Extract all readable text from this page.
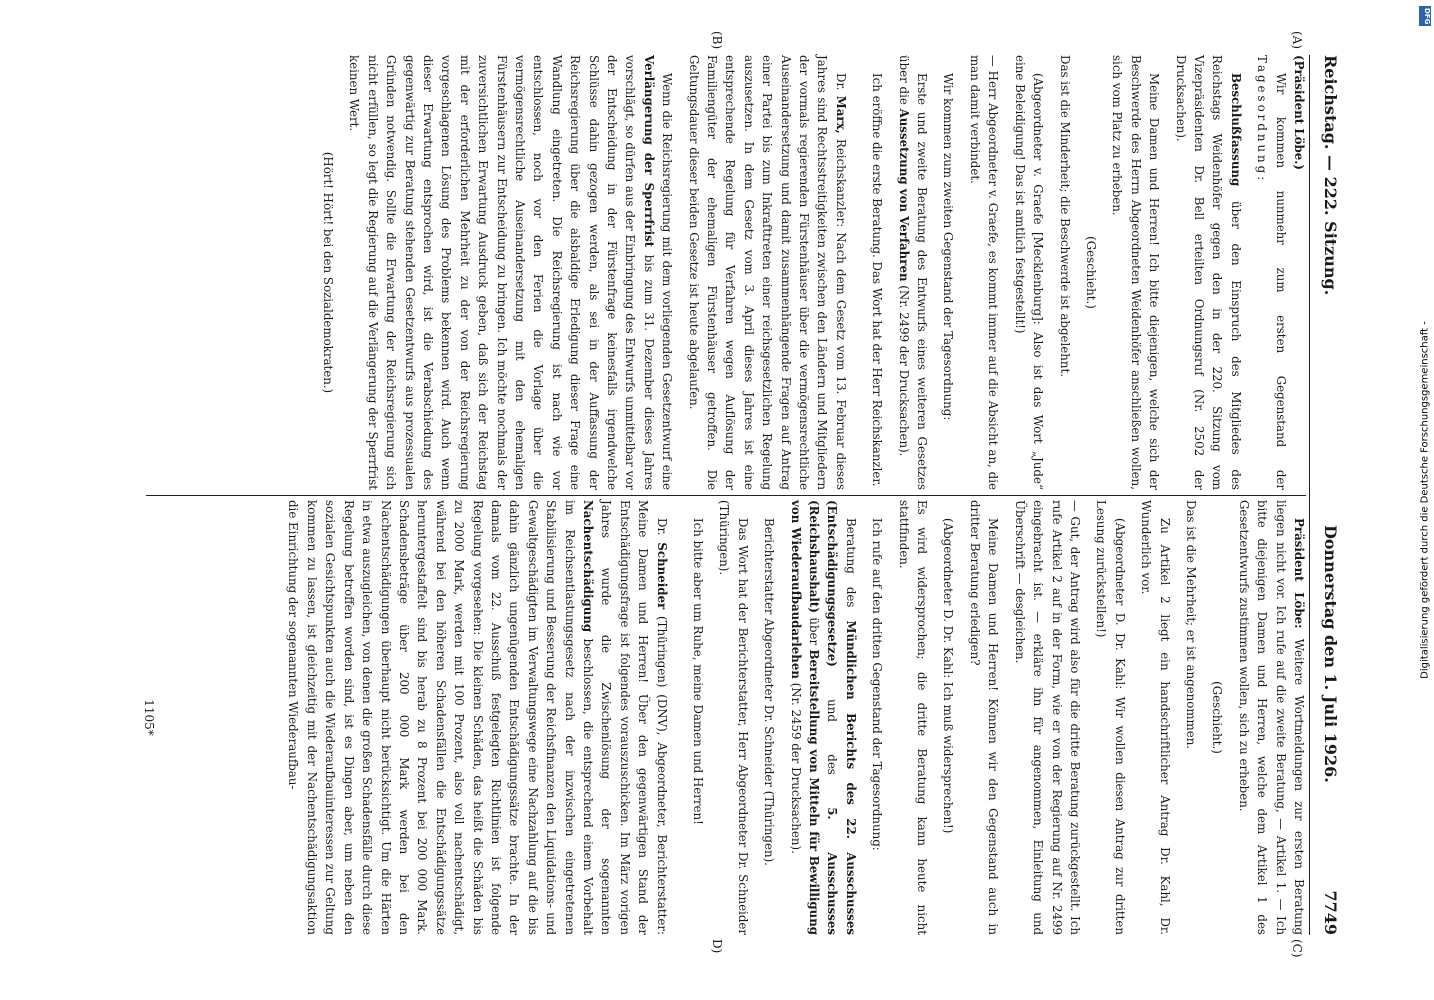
Reichstag. — 222. Sitzung.
Donnerstag den 1. Juli 1926.
7749
(A)
(B)
(C)
D)

(Präsident Löbe.)

Wir kommen nunmehr zum ersten Gegenstand der Tagesordnung:

Beschlußfassung über den Einspruch des Mitgliedes des Reichstags Weidenhöfer gegen den in der 220. Sitzung vom Vizepräsidenten Dr. Bell erteilten Ordnungsruf (Nr. 2502 der Drucksachen).

Meine Damen und Herren! Ich bitte diejenigen, welche sich der Beschwerde des Herrn Abgeordneten Weidenhöfer anschließen wollen, sich vom Platz zu erheben.

(Geschieht.)

Das ist die Minderheit; die Beschwerde ist abgelehnt.

(Abgeordneter v. Graefe [Mecklenburg]: Also ist das Wort „Jude“ eine Beleidigung! Das ist amtlich festgestellt!)

— Herr Abgeordneter v. Graefe, es kommt immer auf die Absicht an, die man damit verbindet.

Wir kommen zum zweiten Gegenstand der Tagesordnung:

Erste und zweite Beratung des Entwurfs eines weiteren Gesetzes über die Aussetzung von Verfahren (Nr. 2499 der Drucksachen).

Ich eröffne die erste Beratung. Das Wort hat der Herr Reichskanzler.

Dr. Marx, Reichskanzler: Nach dem Gesetz vom 13. Februar dieses Jahres sind Rechtsstreitigkeiten zwischen den Ländern und Mitgliedern der vormals regierenden Fürstenhäuser über die vermögensrechtliche Auseinandersetzung und damit zusammenhängende Fragen auf Antrag einer Partei bis zum Inkrafttreten einer reichsgesetzlichen Regelung auszusetzen. In dem Gesetz vom 3. April dieses Jahres ist eine entsprechende Regelung für Verfahren wegen Auflösung der Familiengüter der ehemaligen Fürstenhäuser getroffen. Die Geltungsdauer dieser beiden Gesetze ist heute abgelaufen.

Wenn die Reichsregierung mit dem vorliegenden Gesetzentwurf eine Verlängerung der Sperrfrist bis zum 31. Dezember dieses Jahres vorschlägt, so dürfen aus der Einbringung des Entwurfs unmittelbar vor der Entscheidung in der Fürstenfrage keinesfalls irgendwelche Schlüsse dahin gezogen werden, als sei in der Auffassung der Reichsregierung über die alsbaldige Erledigung dieser Frage eine Wandlung eingetreten. Die Reichsregierung ist nach wie vor entschlossen, noch vor den Ferien die Vorlage über die vermögensrechtliche Auseinandersetzung mit den ehemaligen Fürstenhäusern zur Entscheidung zu bringen. Ich möchte nochmals der zuversichtlichen Erwartung Ausdruck geben, daß sich der Reichstag mit der erforderlichen Mehrheit zu der von der Reichsregierung vorgeschlagenen Lösung des Problems bekennen wird. Auch wenn dieser Erwartung entsprochen wird, ist die Verabschiedung des gegenwärtig zur Beratung stehenden Gesetzentwurfs aus prozessualen Gründen notwendig. Sollte die Erwartung der Reichsregierung sich nicht erfüllen, so legt die Regierung auf die Verlängerung der Sperrfrist keinen Wert.

(Hört! Hört! bei den Sozialdemokraten.)

Präsident Löbe: Weitere Wortmeldungen zur ersten Beratung liegen nicht vor. Ich rufe auf die zweite Beratung, — Artikel 1. — Ich bitte diejenigen Damen und Herren, welche dem Artikel 1 des Gesetzentwurfs zustimmen wollen, sich zu erheben.

(Geschieht.)

Das ist die Mehrheit; er ist angenommen.

Zu Artikel 2 liegt ein handschriftlicher Antrag Dr. Kahl, Dr. Wunderlich vor.

(Abgeordneter D. Dr. Kahl: Wir wollen diesen Antrag zur dritten Lesung zurückstellen!)

— Gut, der Antrag wird also für die dritte Beratung zurückgestellt. Ich rufe Artikel 2 auf in der Form, wie er von der Regierung auf Nr. 2499 eingebracht ist. — erkläre ihn für angenommen, Einleitung und Überschrift — desgleichen.

Meine Damen und Herren! Können wir den Gegenstand auch in dritter Beratung erledigen?

(Abgeordneter D. Dr. Kahl: Ich muß widersprechen!)

Es wird widersprochen; die dritte Beratung kann heute nicht stattfinden.

Ich rufe auf den dritten Gegenstand der Tagesordnung:

Beratung des Mündlichen Berichts des 22. Ausschusses (Entschädigungsgesetze) und des 5. Ausschusses (Reichshaushalt) über Bereitstellung von Mitteln für Bewilligung von Wiederaufbaudarlehen (Nr. 2459 der Drucksachen).

Berichterstatter Abgeordneter Dr. Schneider (Thüringen).

Das Wort hat der Berichterstatter, Herr Abgeordneter Dr. Schneider (Thüringen).

Ich bitte aber um Ruhe, meine Damen und Herren!

Dr. Schneider (Thüringen) (DNV), Abgeordneter, Berichterstatter: Meine Damen und Herren! Über den gegenwärtigen Stand der Entschädigungsfrage ist folgendes vorauszuschicken. Im März vorigen Jahres wurde die Zwischenlösung der sogenannten Nachentschädigung beschlossen, die entsprechend einem Vorbehalt im Reichsentlastungsgesetz nach der inzwischen eingetretenen Stabilisierung und Besserung der Reichsfinanzen den Liquidations- und Gewaltgeschädigten im Verwaltungswege eine Nachzahlung auf die bis dahin gänzlich ungenügenden Entschädigungssätze brachte. In der damals vom 22. Ausschuß festgelegten Richtlinien ist folgende Regelung vorgesehen: Die kleinen Schäden, das heißt die Schäden bis zu 2000 Mark, werden mit 100 Prozent, also voll nachentschädigt, während bei den höheren Schadensfällen die Entschädigungssätze heruntergestaffelt sind bis herab zu 8 Prozent bei 200 000 Mark. Schadensbeträge über 200 000 Mark werden bei den Nachentschädigungen überhaupt nicht berücksichtigt. Um die Härten in etwa auszugleichen, von denen die großen Schadensfälle durch diese Regelung betroffen worden sind, ist es Dingen aber, um neben den sozialen Gesichtspunkten auch die Wiederaufbauinteressen zur Geltung kommen zu lassen, ist gleichzeitig mit der Nachentschädigungsaktion die Einrichtung der sogenannten Wiederaufbau-

1105*
DFG
Digitalisierung gefördert durch die Deutsche Forschungsgemeinschaft -
